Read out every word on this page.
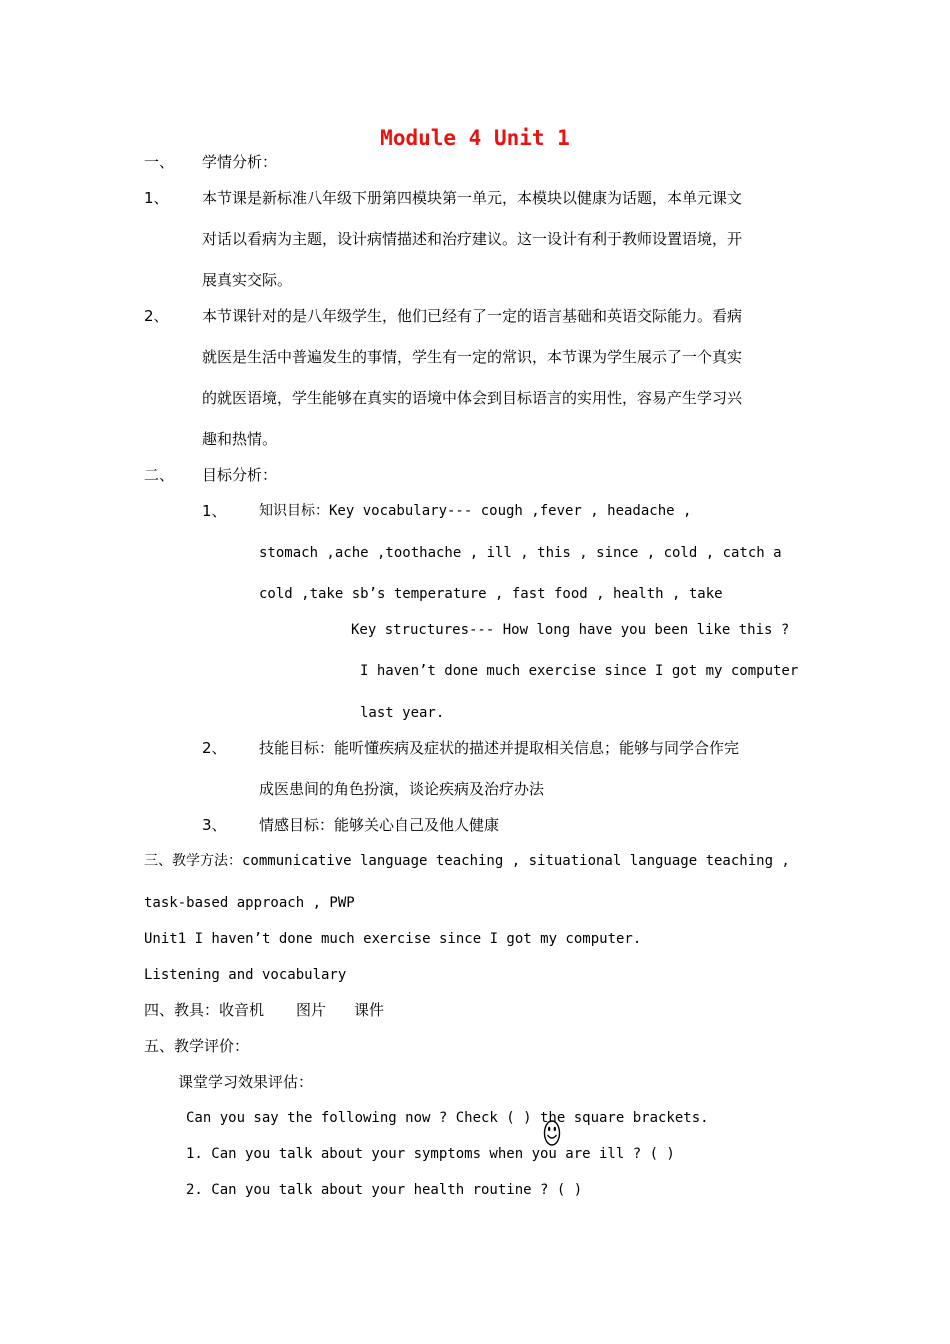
Module 4 Unit 1
一、 学情分析：
1、 本节课是新标准八年级下册第四模块第一单元，本模块以健康为话题，本单元课文
对话以看病为主题，设计病情描述和治疗建议。这一设计有利于教师设置语境，开
展真实交际。
2、 本节课针对的是八年级学生，他们已经有了一定的语言基础和英语交际能力。看病
就医是生活中普遍发生的事情，学生有一定的常识，本节课为学生展示了一个真实
的就医语境，学生能够在真实的语境中体会到目标语言的实用性，容易产生学习兴
趣和热情。
二、 目标分析：
1、 知识目标：Key vocabulary--- cough ,fever , headache ,
stomach ,ache ,toothache , ill , this , since , cold , catch a
cold ,take sb’s temperature , fast food , health , take
Key structures--- How long have you been like this ?
I haven’t done much exercise since I got my computer
last year.
2、 技能目标：能听懂疾病及症状的描述并提取相关信息；能够与同学合作完
成医患间的角色扮演，谈论疾病及治疗办法
3、 情感目标：能够关心自己及他人健康
三、教学方法：communicative language teaching , situational language teaching ,
task-based approach , PWP
Unit1 I haven’t done much exercise since I got my computer.
Listening and vocabulary
四、教具：收音机 图片 课件
五、教学评价：
课堂学习效果评估：
Can you say the following now ? Check ( ) the square brackets.
1. Can you talk about your symptoms when you are ill ? ( )
2. Can you talk about your health routine ? ( )
